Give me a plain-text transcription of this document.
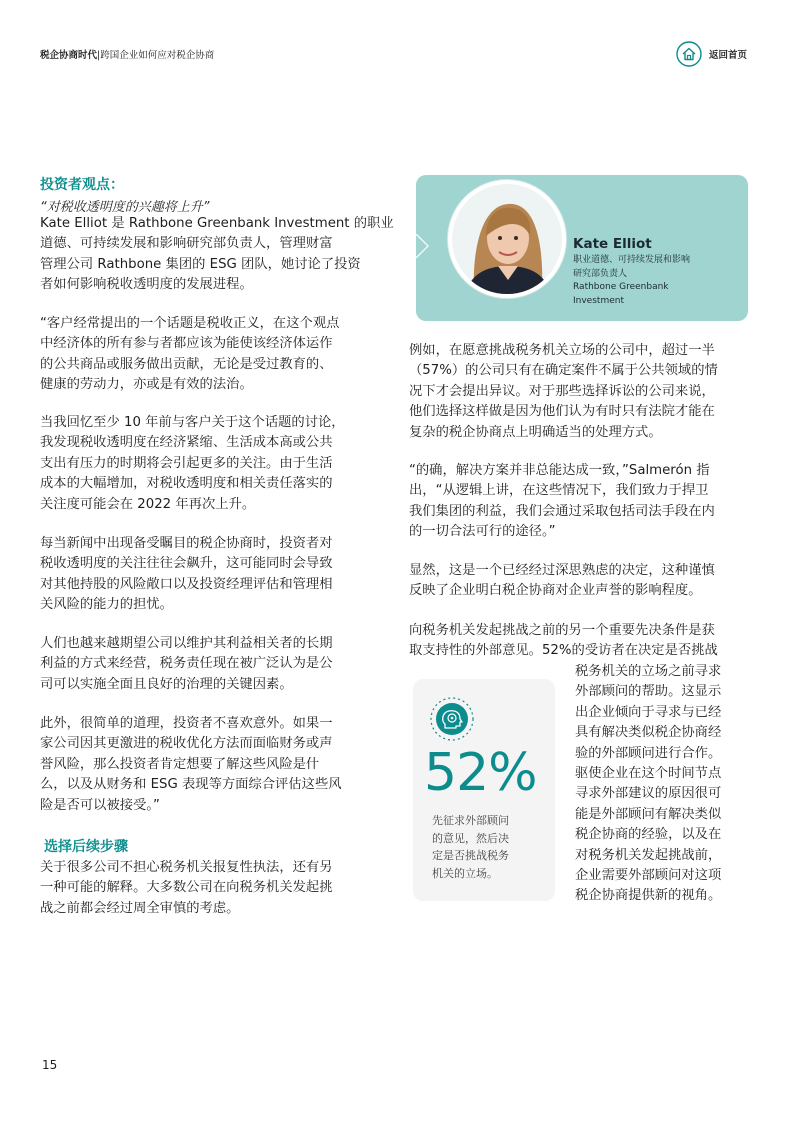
税企协商时代|跨国企业如何应对税企协商	返回首页
投资者观点：
“对税收透明度的兴趣将上升”
Kate Elliot 是 Rathbone Greenbank Investment 的职业
道德、可持续发展和影响研究部负责人，管理财富
管理公司 Rathbone 集团的 ESG 团队，她讨论了投资
者如何影响税收透明度的发展进程。
“客户经常提出的一个话题是税收正义，在这个观点
中经济体的所有参与者都应该为能使该经济体运作
的公共商品或服务做出贡献，无论是受过教育的、
健康的劳动力，亦或是有效的法治。
当我回忆至少 10 年前与客户关于这个话题的讨论，
我发现税收透明度在经济紧缩、生活成本高或公共
支出有压力的时期将会引起更多的关注。由于生活
成本的大幅增加，对税收透明度和相关责任落实的
关注度可能会在 2022 年再次上升。
每当新闻中出现备受瞩目的税企协商时，投资者对
税收透明度的关注往往会飙升，这可能同时会导致
对其他持股的风险敞口以及投资经理评估和管理相
关风险的能力的担忧。
人们也越来越期望公司以维护其利益相关者的长期
利益的方式来经营，税务责任现在被广泛认为是公
司可以实施全面且良好的治理的关键因素。
此外，很简单的道理，投资者不喜欢意外。如果一
家公司因其更激进的税收优化方法而面临财务或声
誉风险，那么投资者肯定想要了解这些风险是什
么，以及从财务和 ESG 表现等方面综合评估这些风
险是否可以被接受。”
选择后续步骤
关于很多公司不担心税务机关报复性执法，还有另
一种可能的解释。大多数公司在向税务机关发起挑
战之前都会经过周全审慎的考虑。
Kate Elliot
职业道德、可持续发展和影响
研究部负责人
Rathbone Greenbank
Investment
例如，在愿意挑战税务机关立场的公司中，超过一半
（57%）的公司只有在确定案件不属于公共领域的情
况下才会提出异议。对于那些选择诉讼的公司来说，
他们选择这样做是因为他们认为有时只有法院才能在
复杂的税企协商点上明确适当的处理方式。
“的确，解决方案并非总能达成一致，”Salmerón 指
出，“从逻辑上讲，在这些情况下，我们致力于捍卫
我们集团的利益，我们会通过采取包括司法手段在内
的一切合法可行的途径。”
显然，这是一个已经经过深思熟虑的决定，这种谨慎
反映了企业明白税企协商对企业声誉的影响程度。
向税务机关发起挑战之前的另一个重要先决条件是获
取支持性的外部意见。52%的受访者在决定是否挑战
税务机关的立场之前寻求
外部顾问的帮助。这显示
出企业倾向于寻求与已经
具有解决类似税企协商经
验的外部顾问进行合作。
驱使企业在这个时间节点
寻求外部建议的原因很可
能是外部顾问有解决类似
税企协商的经验，以及在
对税务机关发起挑战前，
企业需要外部顾问对这项
税企协商提供新的视角。
52%
先征求外部顾问
的意见，然后决
定是否挑战税务
机关的立场。
15
